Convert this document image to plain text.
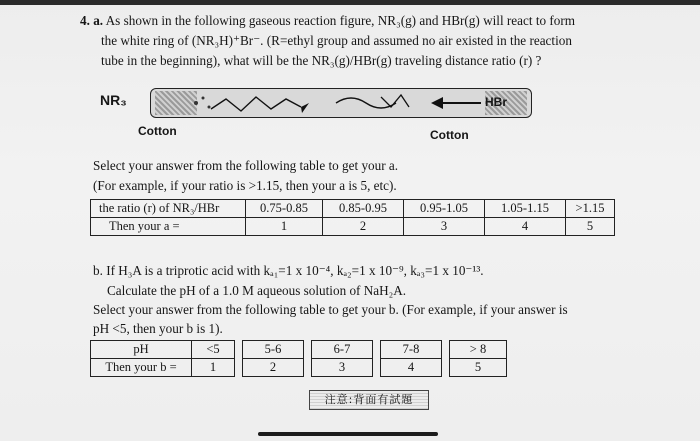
4. a. As shown in the following gaseous reaction figure, NR₃(g) and HBr(g) will react to form
the white ring of (NR₃H)⁺Br⁻. (R=ethyl group and assumed no air existed in the reaction
tube in the beginning), what will be the NR₃(g)/HBr(g) traveling distance ratio (r) ?
NR₃	HBr
Cotton	Cotton
Select your answer from the following table to get your a.
(For example, if your ratio is >1.15, then your a is 5, etc).
the ratio (r) of NR₃/HBr	0.75-0.85	0.85-0.95	0.95-1.05	1.05-1.15	>1.15
Then your a =	1	2	3	4	5
b. If H₃A is a triprotic acid with kₐ₁=1 x 10⁻⁴, kₐ₂=1 x 10⁻⁹, kₐ₃=1 x 10⁻¹³.
Calculate the pH of a 1.0 M aqueous solution of NaH₂A.
Select your answer from the following table to get your b. (For example, if your answer is
pH <5, then your b is 1).
pH	<5		5-6		6-7		7-8		> 8
Then your b =	1		2		3		4		5
注意:背面有試題
